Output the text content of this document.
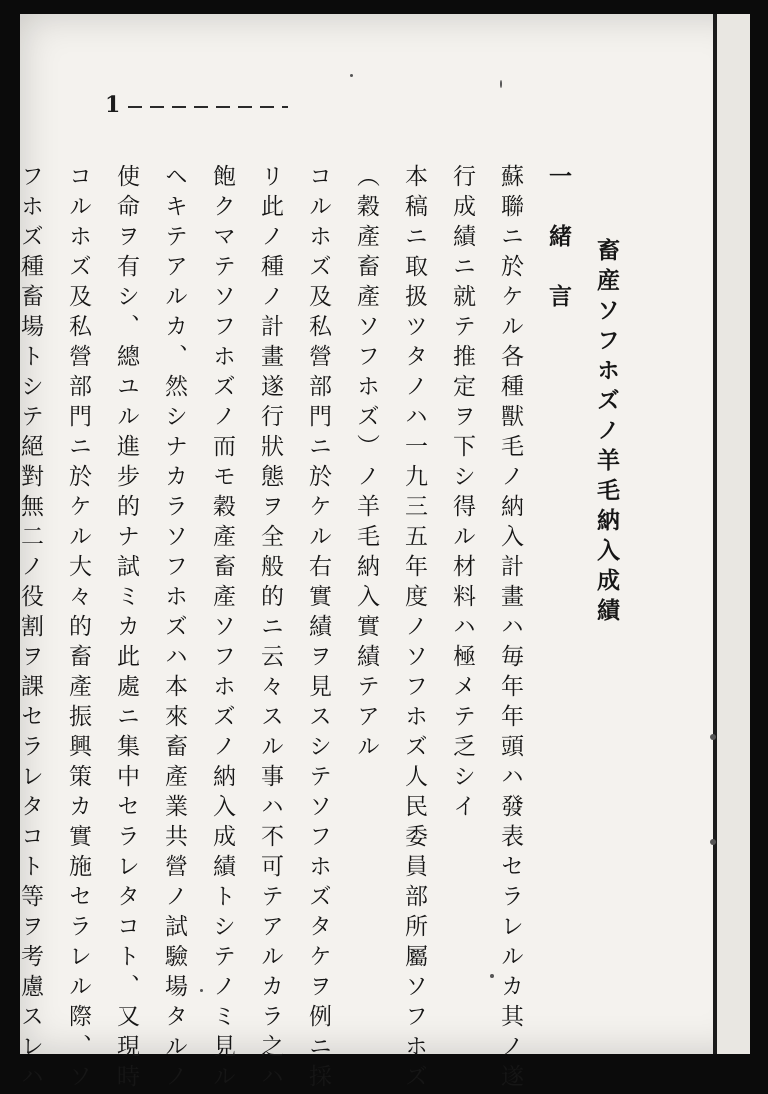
1
畜産ソフホズノ羊毛納入成績
一　緒　言
蘇聯ニ於ケル各種獸毛ノ納入計畫ハ毎年年頭ハ發表セラレルカ其ノ遂
行成績ニ就テ推定ヲ下シ得ル材料ハ極メテ乏シイ
本稿ニ取扱ツタノハ一九三五年度ノソフホズ人民委員部所屬ソフホズ
（穀產畜產ソフホズ）ノ羊毛納入實績テアル
コルホズ及私營部門ニ於ケル右實績ヲ見スシテソフホズタケヲ例ニ採
リ此ノ種ノ計畫遂行狀態ヲ全般的ニ云々スル事ハ不可テアルカラ之ハ
飽クマテソフホズノ而モ穀產畜產ソフホズノ納入成績トシテノミ見ル
ヘキテアルカ、然シナカラソフホズハ本來畜產業共營ノ試驗場タルノ
使命ヲ有シ、總ユル進步的ナ試ミカ此處ニ集中セラレタコト、又現時
コルホズ及私營部門ニ於ケル大々的畜產振興策カ實施セラレル際、ソ
フホズ種畜場トシテ絕對無二ノ役割ヲ課セラレタコト等ヲ考慮スレハ
